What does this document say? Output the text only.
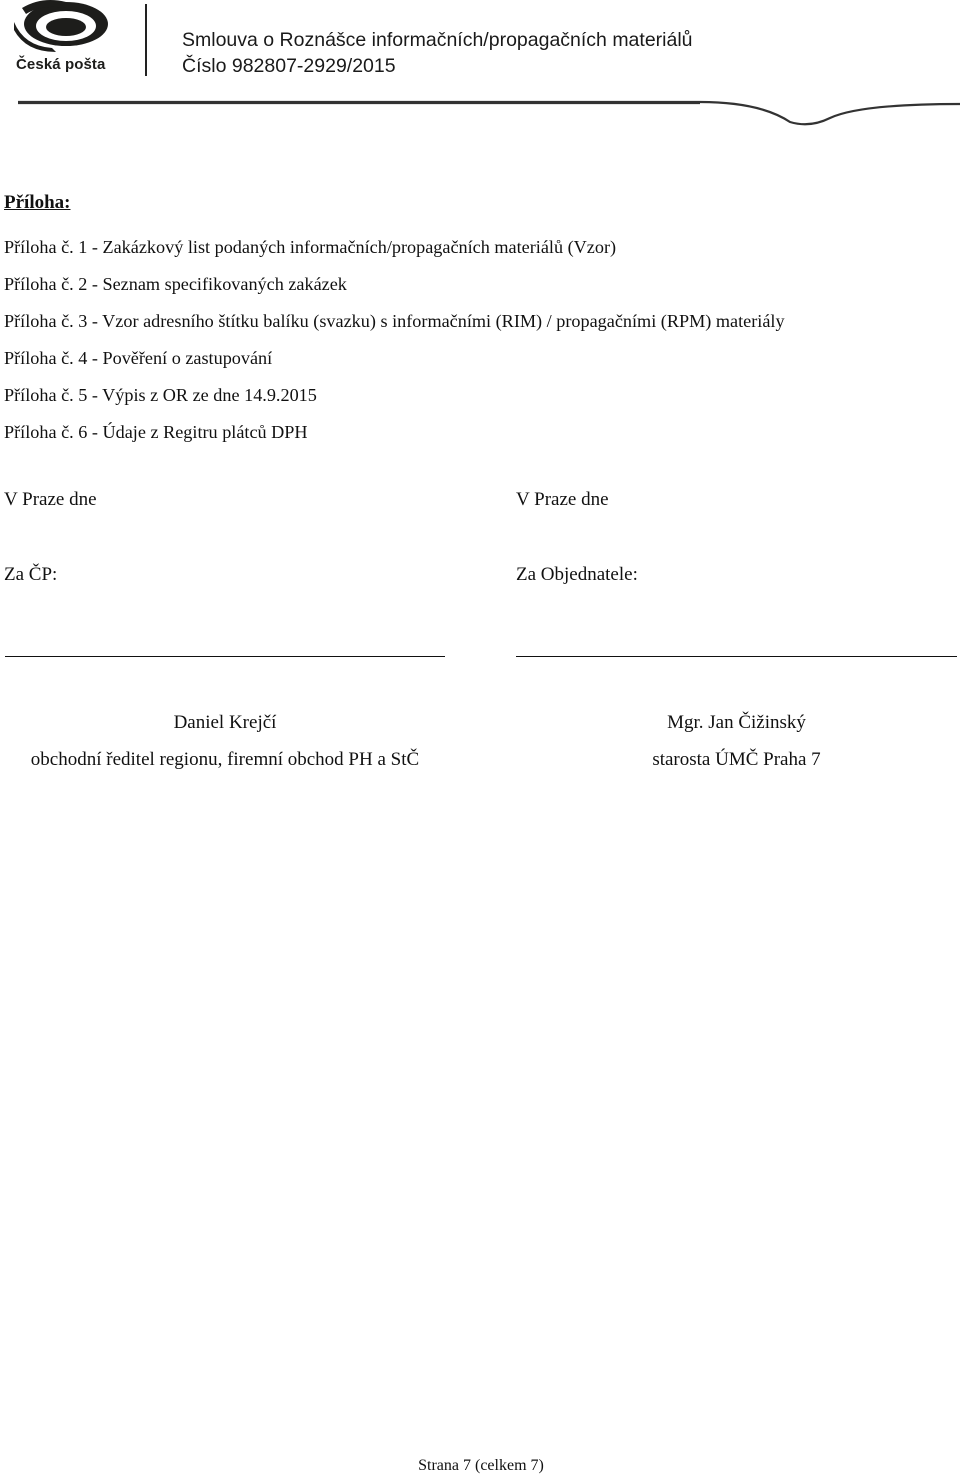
Česká pošta
Smlouva o Roznášce informačních/propagačních materiálů
Číslo 982807-2929/2015
Příloha:
Příloha č. 1 - Zakázkový list podaných informačních/propagačních materiálů (Vzor)
Příloha č. 2 - Seznam specifikovaných zakázek
Příloha č. 3 - Vzor adresního štítku balíku (svazku) s informačními (RIM) / propagačními (RPM) materiály
Příloha č. 4 - Pověření o zastupování
Příloha č. 5 - Výpis z OR ze dne 14.9.2015
Příloha č. 6 - Údaje z Regitru plátců DPH
V Praze dne	V Praze dne
Za ČP:	Za Objednatele:
Daniel Krejčí
obchodní ředitel regionu, firemní obchod PH a StČ
Mgr. Jan Čižinský
starosta ÚMČ Praha 7
Strana 7 (celkem 7)
